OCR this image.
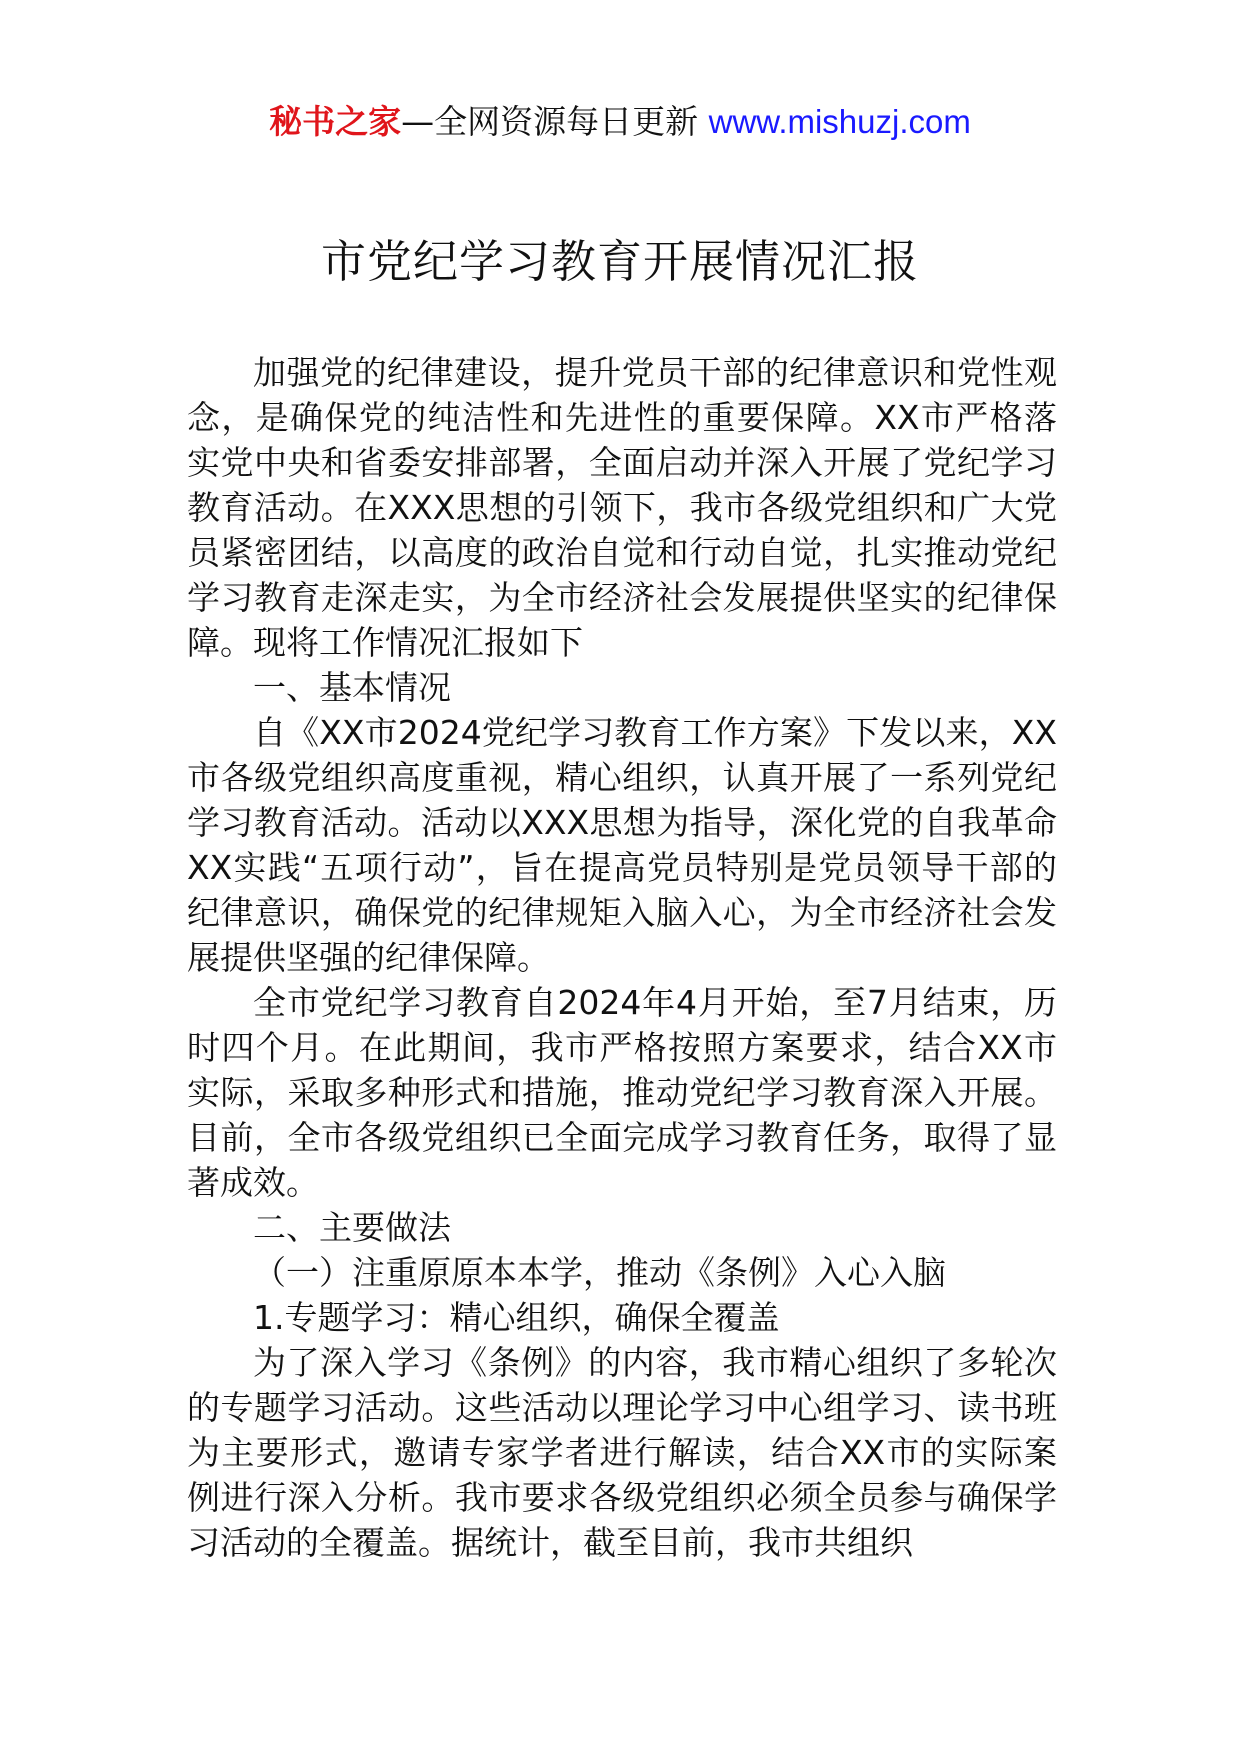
秘书之家—全网资源每日更新 www.mishuzj.com
市党纪学习教育开展情况汇报

加强党的纪律建设，提升党员干部的纪律意识和党性观念，是确保党的纯洁性和先进性的重要保障。XX市严格落实党中央和省委安排部署，全面启动并深入开展了党纪学习教育活动。在XXX思想的引领下，我市各级党组织和广大党员紧密团结，以高度的政治自觉和行动自觉，扎实推动党纪学习教育走深走实，为全市经济社会发展提供坚实的纪律保障。现将工作情况汇报如下

一、基本情况

自《XX市2024党纪学习教育工作方案》下发以来，XX市各级党组织高度重视，精心组织，认真开展了一系列党纪学习教育活动。活动以XXX思想为指导，深化党的自我革命XX实践“五项行动”，旨在提高党员特别是党员领导干部的纪律意识，确保党的纪律规矩入脑入心，为全市经济社会发展提供坚强的纪律保障。

全市党纪学习教育自2024年4月开始，至7月结束，历时四个月。在此期间，我市严格按照方案要求，结合XX市实际，采取多种形式和措施，推动党纪学习教育深入开展。目前，全市各级党组织已全面完成学习教育任务，取得了显著成效。

二、主要做法

（一）注重原原本本学，推动《条例》入心入脑

1.专题学习：精心组织，确保全覆盖

为了深入学习《条例》的内容，我市精心组织了多轮次的专题学习活动。这些活动以理论学习中心组学习、读书班为主要形式，邀请专家学者进行解读，结合XX市的实际案例进行深入分析。我市要求各级党组织必须全员参与确保学习活动的全覆盖。据统计，截至目前，我市共组织
